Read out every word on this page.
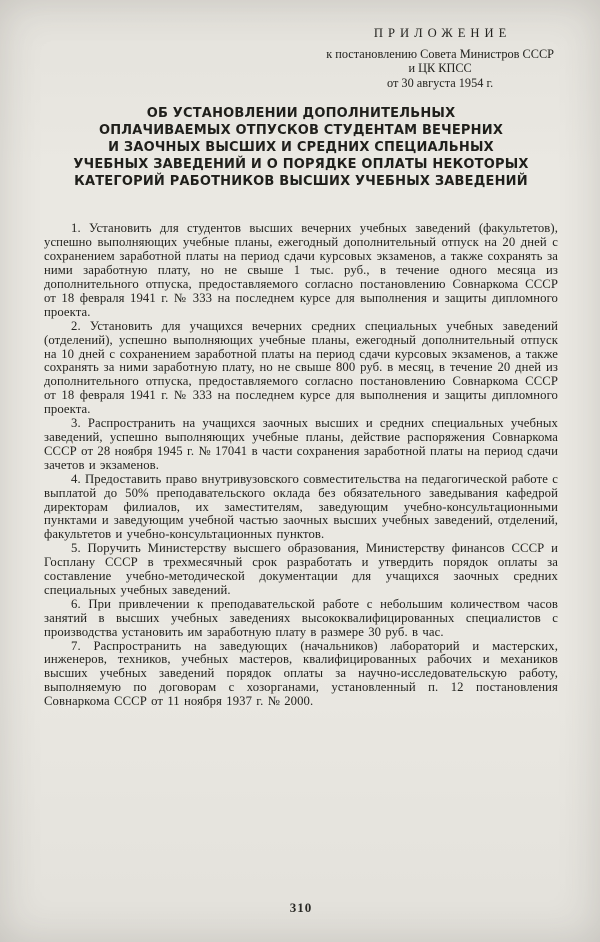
ПРИЛОЖЕНИЕ
к постановлению Совета Министров СССР
и ЦК КПСС
от 30 августа 1954 г.
ОБ УСТАНОВЛЕНИИ ДОПОЛНИТЕЛЬНЫХ
ОПЛАЧИВАЕМЫХ ОТПУСКОВ СТУДЕНТАМ ВЕЧЕРНИХ
И ЗАОЧНЫХ ВЫСШИХ И СРЕДНИХ СПЕЦИАЛЬНЫХ
УЧЕБНЫХ ЗАВЕДЕНИЙ И О ПОРЯДКЕ ОПЛАТЫ НЕКОТОРЫХ
КАТЕГОРИЙ РАБОТНИКОВ ВЫСШИХ УЧЕБНЫХ ЗАВЕДЕНИЙ

1. Установить для студентов высших вечерних учебных заведений (факультетов), успешно выполняющих учебные планы, ежегодный дополнительный отпуск на 20 дней с сохранением заработной платы на период сдачи курсовых экзаменов, а также сохранять за ними заработную плату, но не свыше 1 тыс. руб., в течение одного месяца из дополнительного отпуска, предоставляемого согласно постановлению Совнаркома СССР от 18 февраля 1941 г. № 333 на последнем курсе для выполнения и защиты дипломного проекта.

2. Установить для учащихся вечерних средних специальных учебных заведений (отделений), успешно выполняющих учебные планы, ежегодный дополнительный отпуск на 10 дней с сохранением заработной платы на период сдачи курсовых экзаменов, а также сохранять за ними заработную плату, но не свыше 800 руб. в месяц, в течение 20 дней из дополнительного отпуска, предоставляемого согласно постановлению Совнаркома СССР от 18 февраля 1941 г. № 333 на последнем курсе для выполнения и защиты дипломного проекта.

3. Распространить на учащихся заочных высших и средних специальных учебных заведений, успешно выполняющих учебные планы, действие распоряжения Совнаркома СССР от 28 ноября 1945 г. № 17041 в части сохранения заработной платы на период сдачи зачетов и экзаменов.

4. Предоставить право внутривузовского совместительства на педагогической работе с выплатой до 50% преподавательского оклада без обязательного заведывания кафедрой директорам филиалов, их заместителям, заведующим учебно-консультационными пунктами и заведующим учебной частью заочных высших учебных заведений, отделений, факультетов и учебно-консультационных пунктов.

5. Поручить Министерству высшего образования, Министерству финансов СССР и Госплану СССР в трехмесячный срок разработать и утвердить порядок оплаты за составление учебно-методической документации для учащихся заочных средних специальных учебных заведений.

6. При привлечении к преподавательской работе с небольшим количеством часов занятий в высших учебных заведениях высококвалифицированных специалистов с производства установить им заработную плату в размере 30 руб. в час.

7. Распространить на заведующих (начальников) лабораторий и мастерских, инженеров, техников, учебных мастеров, квалифицированных рабочих и механиков высших учебных заведений порядок оплаты за научно-исследовательскую работу, выполняемую по договорам с хозорганами, установленный п. 12 постановления Совнаркома СССР от 11 ноября 1937 г. № 2000.

310
